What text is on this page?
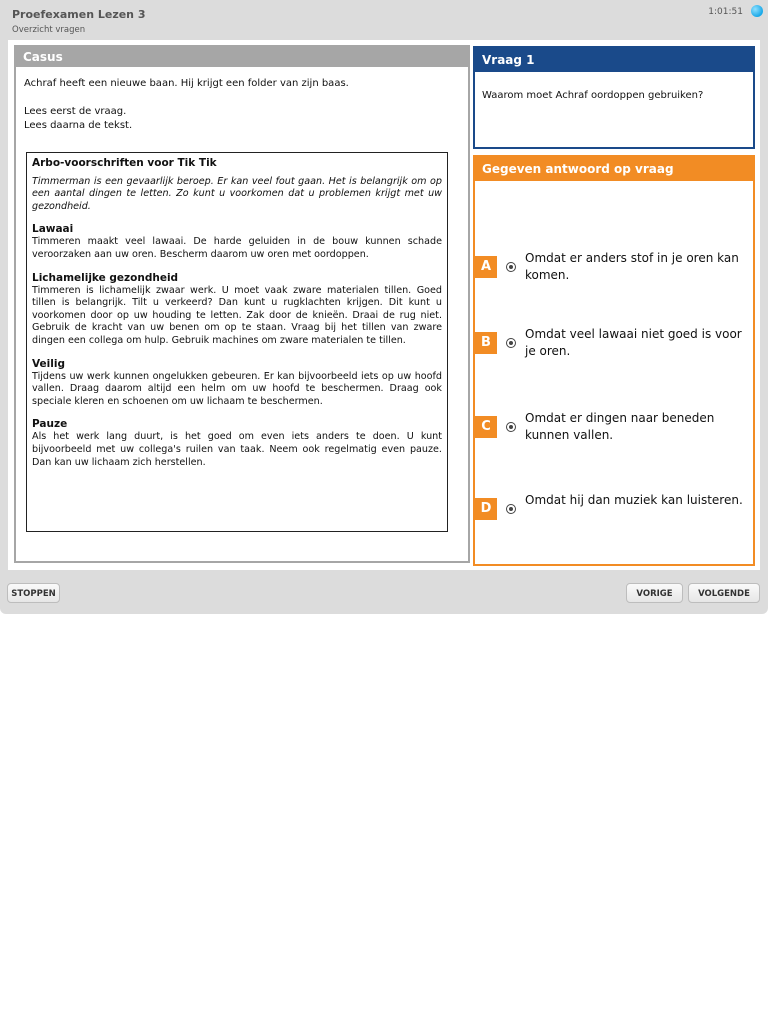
Proefexamen Lezen 3
Overzicht vragen
1:01:51
Casus

Achraf heeft een nieuwe baan. Hij krijgt een folder van zijn baas.

Lees eerst de vraag.

Lees daarna de tekst.

Arbo-voorschriften voor Tik Tik

Timmerman is een gevaarlijk beroep. Er kan veel fout gaan. Het is belangrijk om op een aantal dingen te letten. Zo kunt u voorkomen dat u problemen krijgt met uw gezondheid.

Lawaai

Timmeren maakt veel lawaai. De harde geluiden in de bouw kunnen schade veroorzaken aan uw oren. Bescherm daarom uw oren met oordoppen.

Lichamelijke gezondheid

Timmeren is lichamelijk zwaar werk. U moet vaak zware materialen tillen. Goed tillen is belangrijk. Tilt u verkeerd? Dan kunt u rugklachten krijgen. Dit kunt u voorkomen door op uw houding te letten. Zak door de knieën. Draai de rug niet. Gebruik de kracht van uw benen om op te staan. Vraag bij het tillen van zware dingen een collega om hulp. Gebruik machines om zware materialen te tillen.

Veilig

Tijdens uw werk kunnen ongelukken gebeuren. Er kan bijvoorbeeld iets op uw hoofd vallen. Draag daarom altijd een helm om uw hoofd te beschermen. Draag ook speciale kleren en schoenen om uw lichaam te beschermen.

Pauze

Als het werk lang duurt, is het goed om even iets anders te doen. U kunt bijvoorbeeld met uw collega's ruilen van taak. Neem ook regelmatig even pauze. Dan kan uw lichaam zich herstellen.

Vraag 1
Waarom moet Achraf oordoppen gebruiken?
Gegeven antwoord op vraag
A
Omdat er anders stof in je oren kan komen.
B
Omdat veel lawaai niet goed is voor je oren.
C
Omdat er dingen naar beneden kunnen vallen.
D
Omdat hij dan muziek kan luisteren.
STOPPEN	VORIGE	VOLGENDE
